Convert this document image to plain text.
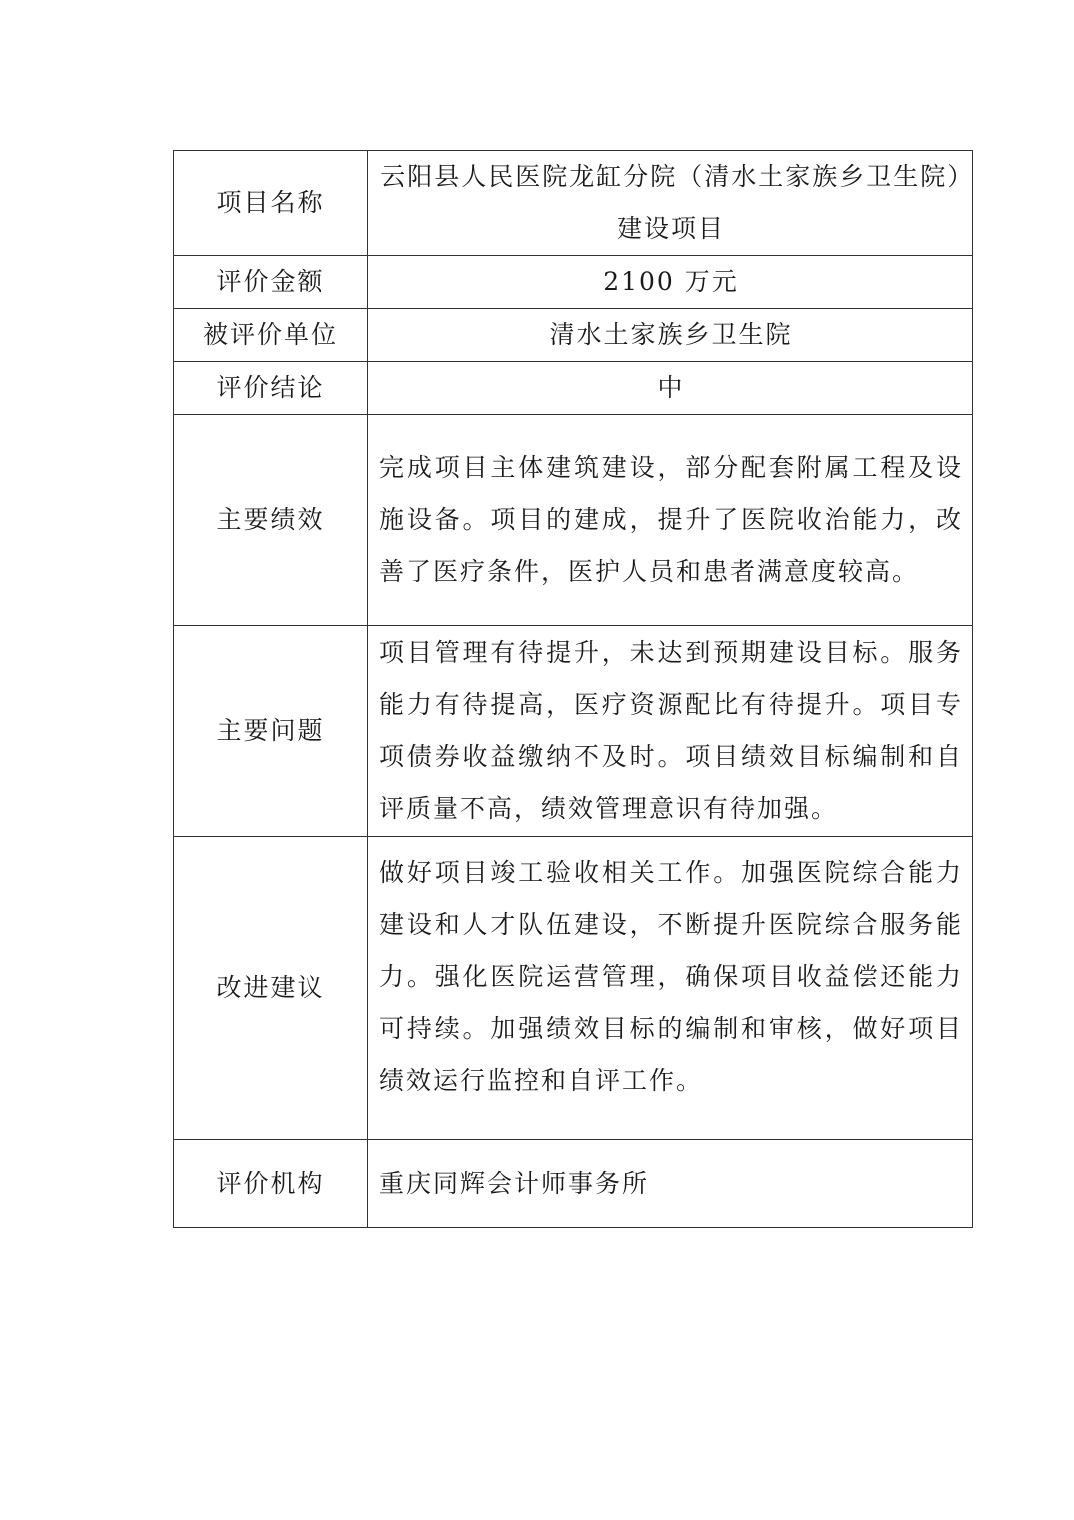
项目名称	云阳县人民医院龙缸分院（清水土家族乡卫生院）建设项目
评价金额	2100 万元
被评价单位	清水土家族乡卫生院
评价结论	中
主要绩效	完成项目主体建筑建设，部分配套附属工程及设施设备。项目的建成，提升了医院收治能力，改善了医疗条件，医护人员和患者满意度较高。
主要问题	项目管理有待提升，未达到预期建设目标。服务能力有待提高，医疗资源配比有待提升。项目专项债券收益缴纳不及时。项目绩效目标编制和自评质量不高，绩效管理意识有待加强。
改进建议	做好项目竣工验收相关工作。加强医院综合能力建设和人才队伍建设，不断提升医院综合服务能力。强化医院运营管理，确保项目收益偿还能力可持续。加强绩效目标的编制和审核，做好项目绩效运行监控和自评工作。
评价机构	重庆同辉会计师事务所
